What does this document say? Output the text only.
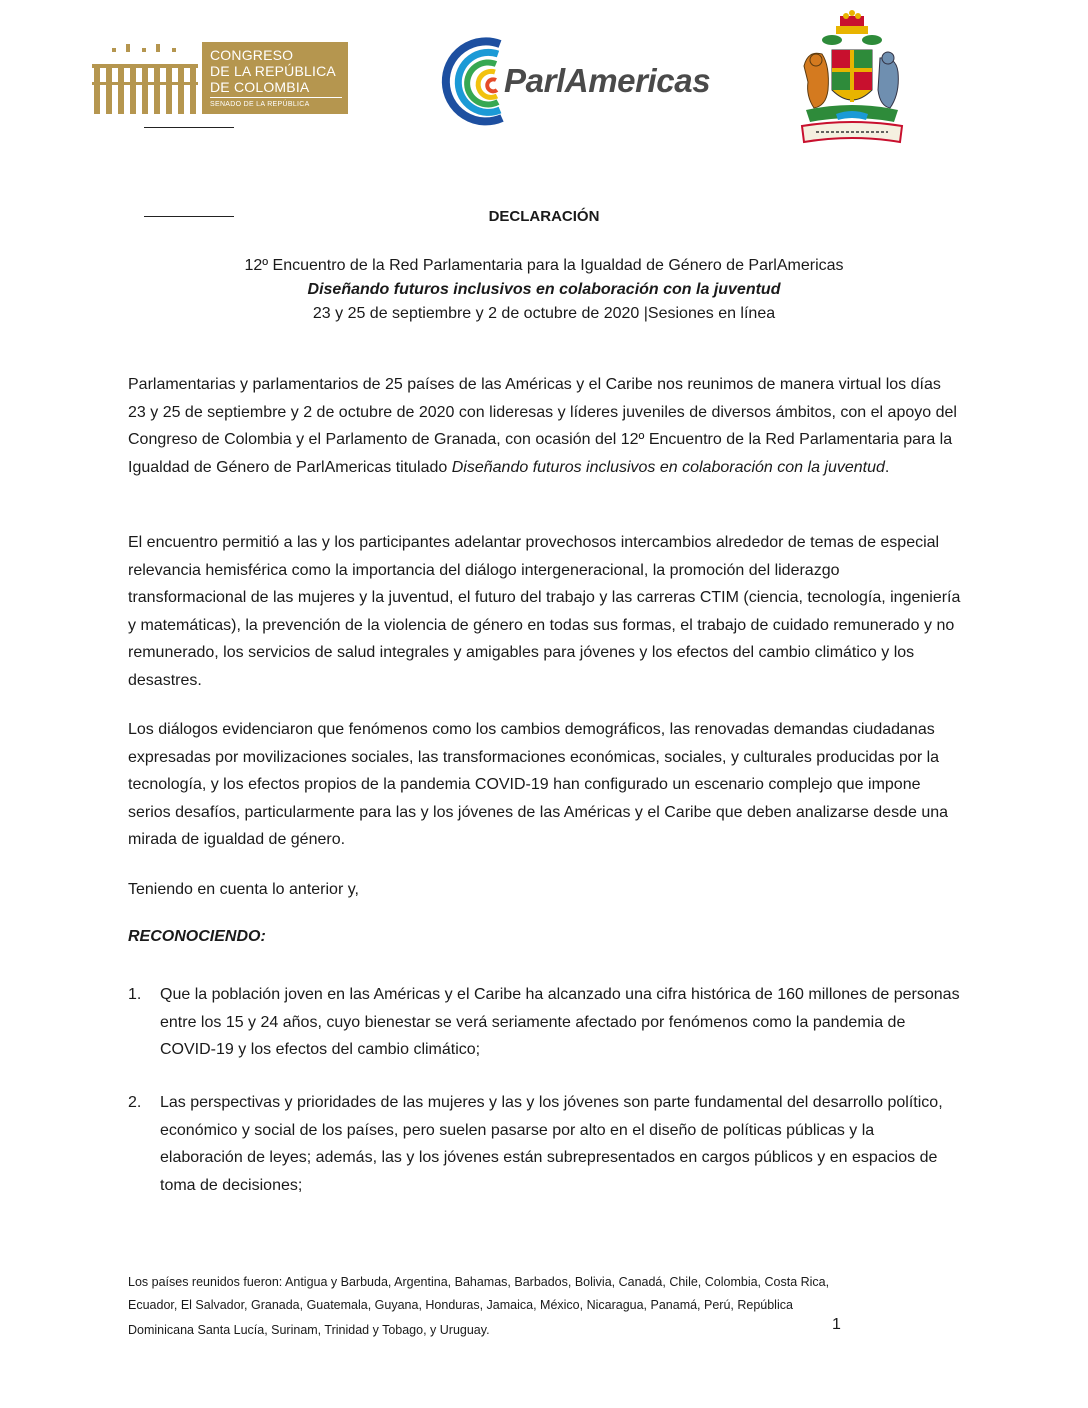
CONGRESO
DE LA REPÚBLICA
DE COLOMBIA
SENADO DE LA REPÚBLICA
ParlAmericas
DECLARACIÓN
12º Encuentro de la Red Parlamentaria para la Igualdad de Género de ParlAmericas
Diseñando futuros inclusivos en colaboración con la juventud
23 y 25 de septiembre y 2 de octubre de 2020 |Sesiones en línea
Parlamentarias y parlamentarios de 25 países de las Américas y el Caribe nos reunimos de manera virtual los días 23 y 25 de septiembre y 2 de octubre de 2020 con lideresas y líderes juveniles de diversos ámbitos, con el apoyo del Congreso de Colombia y el Parlamento de Granada, con ocasión del 12º Encuentro de la Red Parlamentaria para la Igualdad de Género de ParlAmericas titulado Diseñando futuros inclusivos en colaboración con la juventud.
El encuentro permitió a las y los participantes adelantar provechosos intercambios alrededor de temas de especial relevancia hemisférica como la importancia del diálogo intergeneracional, la promoción del liderazgo transformacional de las mujeres y la juventud, el futuro del trabajo y las carreras CTIM (ciencia, tecnología, ingeniería y matemáticas), la prevención de la violencia de género en todas sus formas, el trabajo de cuidado remunerado y no remunerado, los servicios de salud integrales y amigables para jóvenes y los efectos del cambio climático y los desastres.
Los diálogos evidenciaron que fenómenos como los cambios demográficos, las renovadas demandas ciudadanas expresadas por movilizaciones sociales, las transformaciones económicas, sociales, y culturales producidas por la tecnología, y los efectos propios de la pandemia COVID-19 han configurado un escenario complejo que impone serios desafíos, particularmente para las y los jóvenes de las Américas y el Caribe que deben analizarse desde una mirada de igualdad de género.
Teniendo en cuenta lo anterior y,
RECONOCIENDO:
1.	Que la población joven en las Américas y el Caribe ha alcanzado una cifra histórica de 160 millones de personas entre los 15 y 24 años, cuyo bienestar se verá seriamente afectado por fenómenos como la pandemia de COVID-19 y los efectos del cambio climático;
2.	Las perspectivas y prioridades de las mujeres y las y los jóvenes son parte fundamental del desarrollo político, económico y social de los países, pero suelen pasarse por alto en el diseño de políticas públicas y la elaboración de leyes; además, las y los jóvenes están subrepresentados en cargos públicos y en espacios de toma de decisiones;
Los países reunidos fueron: Antigua y Barbuda, Argentina, Bahamas, Barbados, Bolivia, Canadá, Chile, Colombia, Costa Rica,
Ecuador, El Salvador, Granada, Guatemala, Guyana, Honduras, Jamaica, México, Nicaragua, Panamá, Perú, República
Dominicana Santa Lucía, Surinam, Trinidad y Tobago, y Uruguay.	1
